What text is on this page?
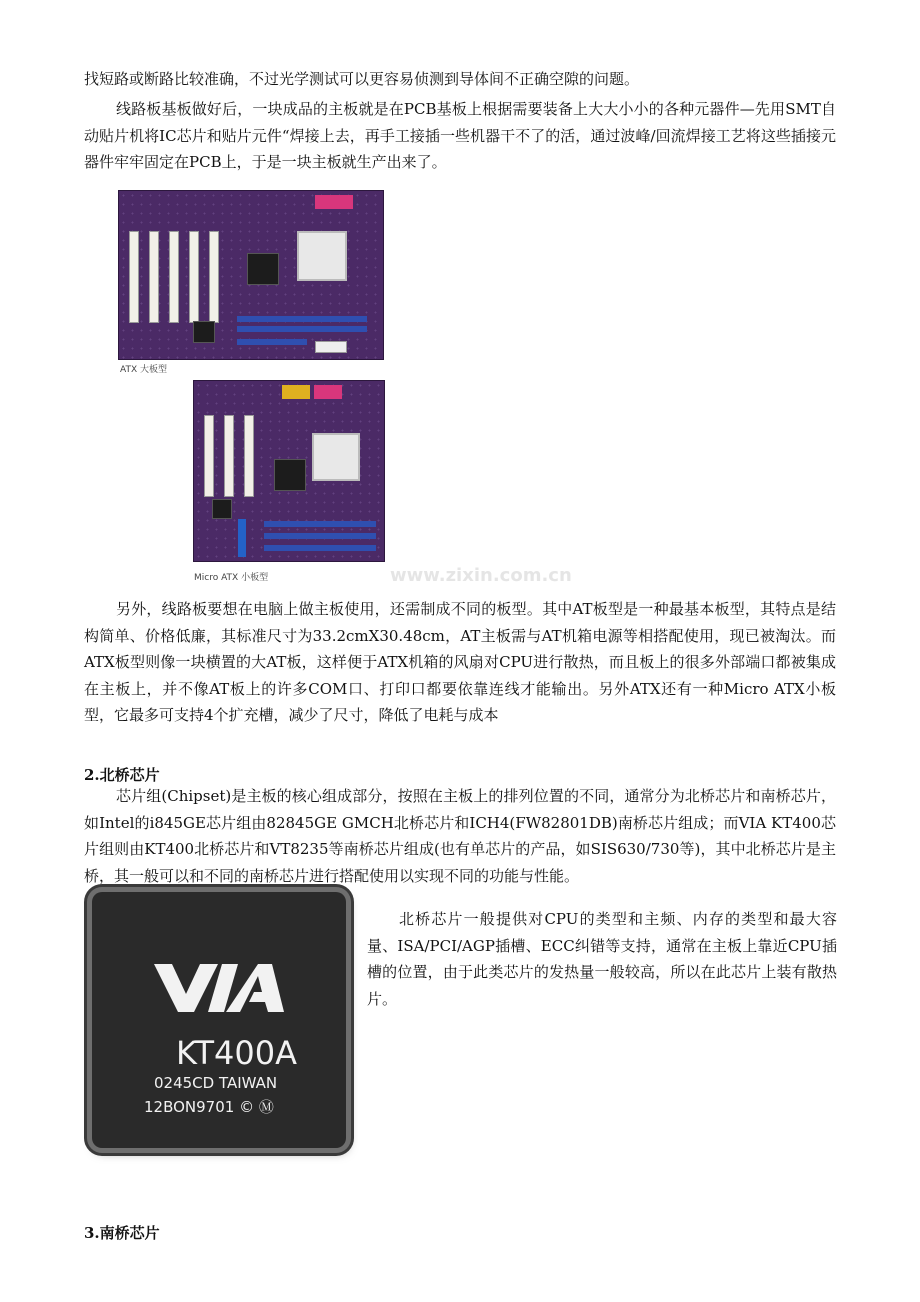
找短路或断路比较准确，不过光学测试可以更容易侦测到导体间不正确空隙的问题。

线路板基板做好后，一块成品的主板就是在PCB基板上根据需要装备上大大小小的各种元器件—先用SMT自动贴片机将IC芯片和贴片元件“焊接上去，再手工接插一些机器干不了的活，通过波峰/回流焊接工艺将这些插接元器件牢牢固定在PCB上，于是一块主板就生产出来了。

ATX 大板型
Micro ATX 小板型	www.zixin.com.cn

另外，线路板要想在电脑上做主板使用，还需制成不同的板型。其中AT板型是一种最基本板型，其特点是结构简单、价格低廉，其标准尺寸为33.2cmX30.48cm，AT主板需与AT机箱电源等相搭配使用，现已被淘汰。而ATX板型则像一块横置的大AT板，这样便于ATX机箱的风扇对CPU进行散热，而且板上的很多外部端口都被集成在主板上，并不像AT板上的许多COM口、打印口都要依靠连线才能输出。另外ATX还有一种Micro ATX小板型，它最多可支持4个扩充槽，减少了尺寸，降低了电耗与成本

2.北桥芯片

芯片组(Chipset)是主板的核心组成部分，按照在主板上的排列位置的不同，通常分为北桥芯片和南桥芯片，如Intel的i845GE芯片组由82845GE GMCH北桥芯片和ICH4(FW82801DB)南桥芯片组成；而VIA KT400芯片组则由KT400北桥芯片和VT8235等南桥芯片组成(也有单芯片的产品，如SIS630/730等)，其中北桥芯片是主桥，其一般可以和不同的南桥芯片进行搭配使用以实现不同的功能与性能。

KT400A
0245CD TAIWAN
12BON9701 © Ⓜ

北桥芯片一般提供对CPU的类型和主频、内存的类型和最大容量、ISA/PCI/AGP插槽、ECC纠错等支持，通常在主板上靠近CPU插槽的位置，由于此类芯片的发热量一般较高，所以在此芯片上装有散热片。

3.南桥芯片
